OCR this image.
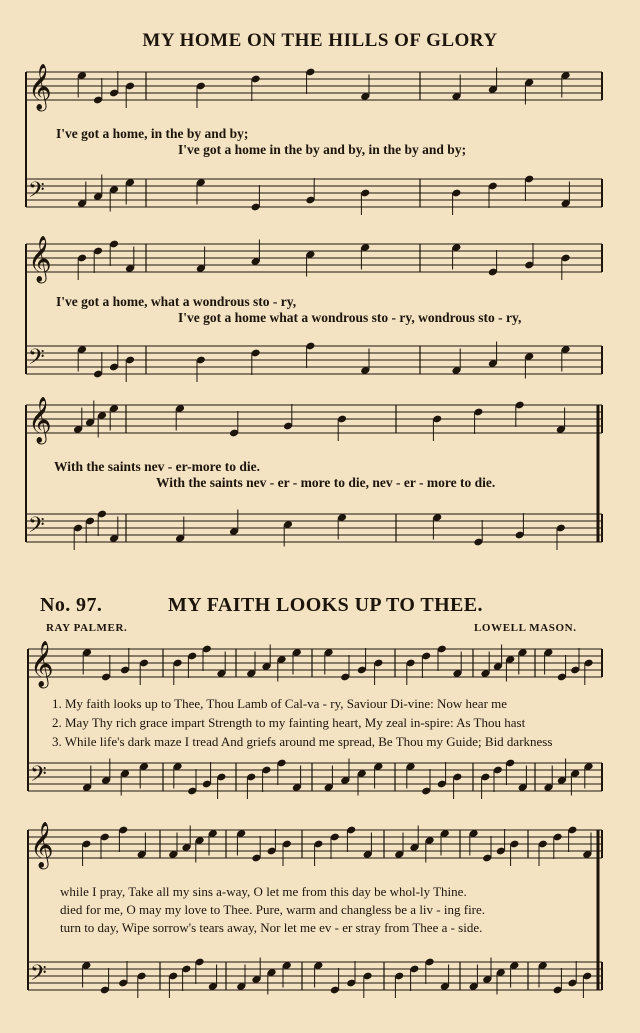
MY HOME ON THE HILLS OF GLORY
𝄞
𝄢
𝄞
𝄢
𝄞
𝄢
𝄞
𝄢
𝄞
𝄢
I've got a home, in the by and by;
I've got a home in the by and by, in the by and by;
I've got a home, what a wondrous sto - ry,
I've got a home what a wondrous sto - ry, wondrous sto - ry,
With the saints nev - er-more to die.
With the saints nev - er - more to die, nev - er - more to die.
No. 97.	MY FAITH LOOKS UP TO THEE.
RAY PALMER.	LOWELL MASON.
1. My faith looks up to Thee, Thou Lamb of Cal-va - ry, Saviour Di-vine: Now hear me
2. May Thy rich grace impart Strength to my fainting heart, My zeal in-spire: As Thou hast
3. While life's dark maze I tread And griefs around me spread, Be Thou my Guide; Bid darkness
while I pray, Take all my sins a-way, O let me from this day be whol-ly Thine.
died for me, O may my love to Thee. Pure, warm and changless be a liv - ing fire.
turn to day, Wipe sorrow's tears away, Nor let me ev - er stray from Thee a - side.
